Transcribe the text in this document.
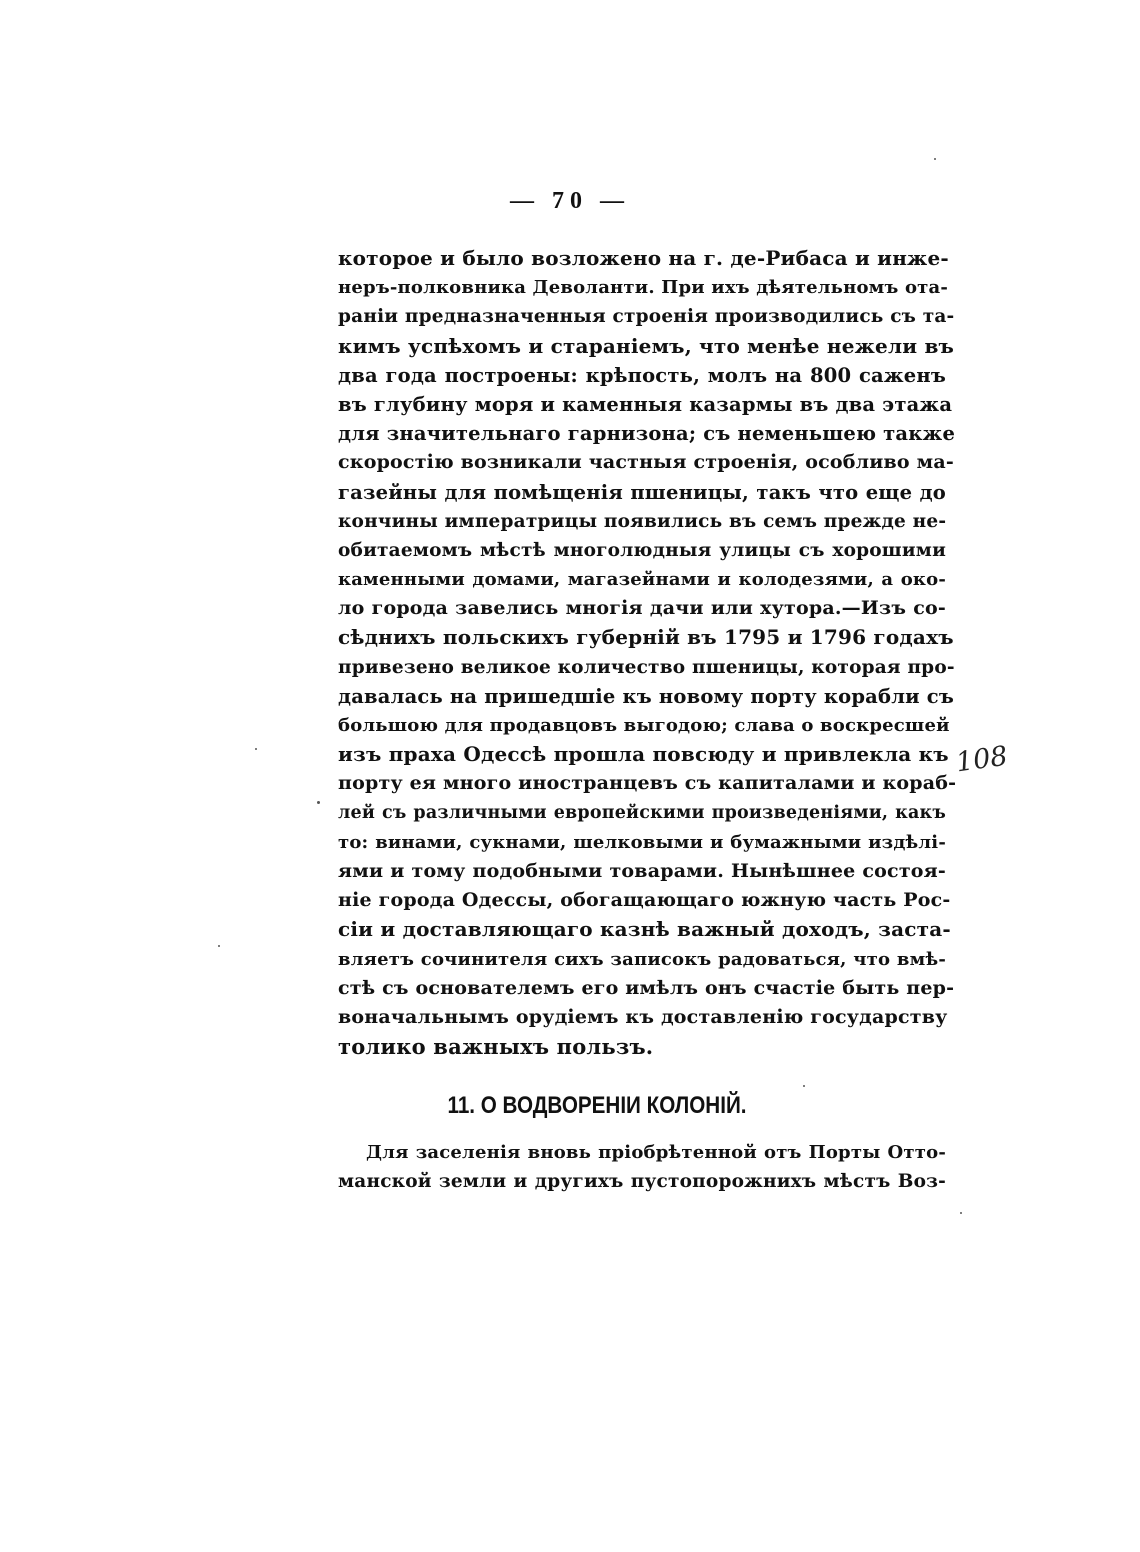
— 70 —
которое и было возложено на г. де-Рибаса и инже-
неръ-полковника Деволанти. При ихъ дѣятельномъ ота-
раніи предназначенныя строенія производились съ та-
кимъ успѣхомъ и стараніемъ, что менѣе нежели въ
два года построены: крѣпость, молъ на 800 саженъ
въ глубину моря и каменныя казармы въ два этажа
для значительнаго гарнизона; съ неменьшею также
скоростію возникали частныя строенія, особливо ма-
газейны для помѣщенія пшеницы, такъ что еще до
кончины императрицы появились въ семъ прежде не-
обитаемомъ мѣстѣ многолюдныя улицы съ хорошими
каменными домами, магазейнами и колодезями, а око-
ло города завелись многія дачи или хутора.—Изъ со-
сѣднихъ польскихъ губерній въ 1795 и 1796 годахъ
привезено великое количество пшеницы, которая про-
давалась на пришедшіе къ новому порту корабли съ
большою для продавцовъ выгодою; слава о воскресшей
изъ праха Одессѣ прошла повсюду и привлекла къ
порту ея много иностранцевъ съ капиталами и кораб-
лей съ различными европейскими произведеніями, какъ
то: винами, сукнами, шелковыми и бумажными издѣлі-
ями и тому подобными товарами. Нынѣшнее состоя-
ніе города Одессы, обогащающаго южную часть Рос-
сіи и доставляющаго казнѣ важный доходъ, заста-
вляетъ сочинителя сихъ записокъ радоваться, что вмѣ-
стѣ съ основателемъ его имѣлъ онъ счастіе быть пер-
воначальнымъ орудіемъ къ доставленію государству
толико важныхъ пользъ.
11. О ВОДВОРЕНІИ КОЛОНІЙ.
Для заселенія вновь пріобрѣтенной отъ Порты Отто-
манской земли и другихъ пустопорожнихъ мѣстъ Воз-
108
